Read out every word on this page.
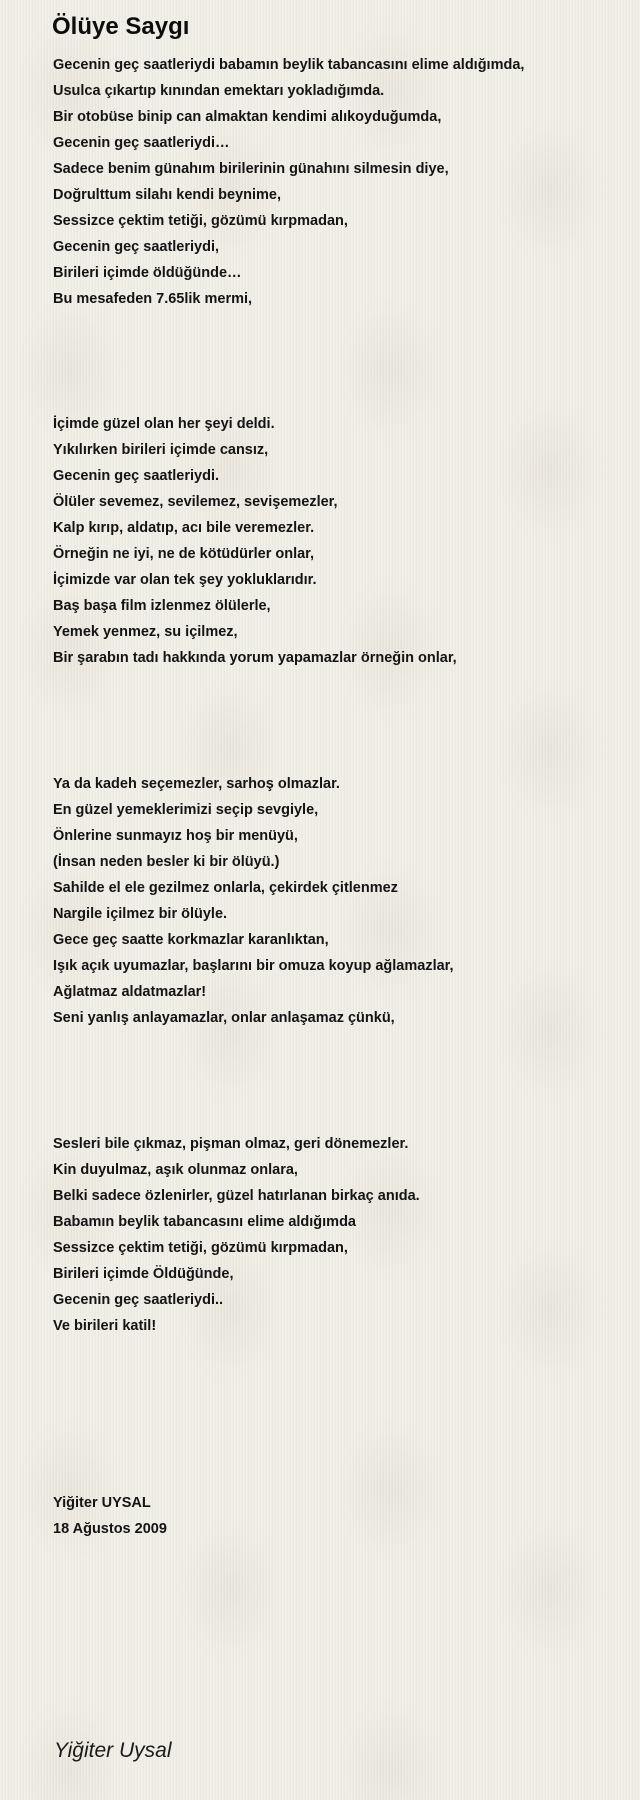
Ölüye Saygı
Gecenin geç saatleriydi babamın beylik tabancasını elime aldığımda,
Usulca çıkartıp kınından emektarı yokladığımda.
Bir otobüse binip can almaktan kendimi alıkoyduğumda,
Gecenin geç saatleriydi…
Sadece benim günahım birilerinin günahını silmesin diye,
Doğrulttum silahı kendi beynime,
Sessizce çektim tetiği, gözümü kırpmadan,
Gecenin geç saatleriydi,
Birileri içimde öldüğünde…
Bu mesafeden 7.65lik mermi,
İçimde güzel olan her şeyi deldi.
Yıkılırken birileri içimde cansız,
Gecenin geç saatleriydi.
Ölüler sevemez, sevilemez, sevişemezler,
Kalp kırıp, aldatıp, acı bile veremezler.
Örneğin ne iyi, ne de kötüdürler onlar,
İçimizde var olan tek şey yokluklarıdır.
Baş başa film izlenmez ölülerle,
Yemek yenmez, su içilmez,
Bir şarabın tadı hakkında yorum yapamazlar örneğin onlar,
Ya da kadeh seçemezler, sarhoş olmazlar.
En güzel yemeklerimizi seçip sevgiyle,
Önlerine sunmayız hoş bir menüyü,
(İnsan neden besler ki bir ölüyü.)
Sahilde el ele gezilmez onlarla, çekirdek çitlenmez
Nargile içilmez bir ölüyle.
Gece geç saatte korkmazlar karanlıktan,
Işık açık uyumazlar, başlarını bir omuza koyup ağlamazlar,
Ağlatmaz aldatmazlar!
Seni yanlış anlayamazlar, onlar anlaşamaz çünkü,
Sesleri bile çıkmaz, pişman olmaz, geri dönemezler.
Kin duyulmaz, aşık olunmaz onlara,
Belki sadece özlenirler, güzel hatırlanan birkaç anıda.
Babamın beylik tabancasını elime aldığımda
Sessizce çektim tetiği, gözümü kırpmadan,
Birileri içimde Öldüğünde,
Gecenin geç saatleriydi..
Ve birileri katil!
Yiğiter UYSAL
18 Ağustos 2009
Yiğiter Uysal
